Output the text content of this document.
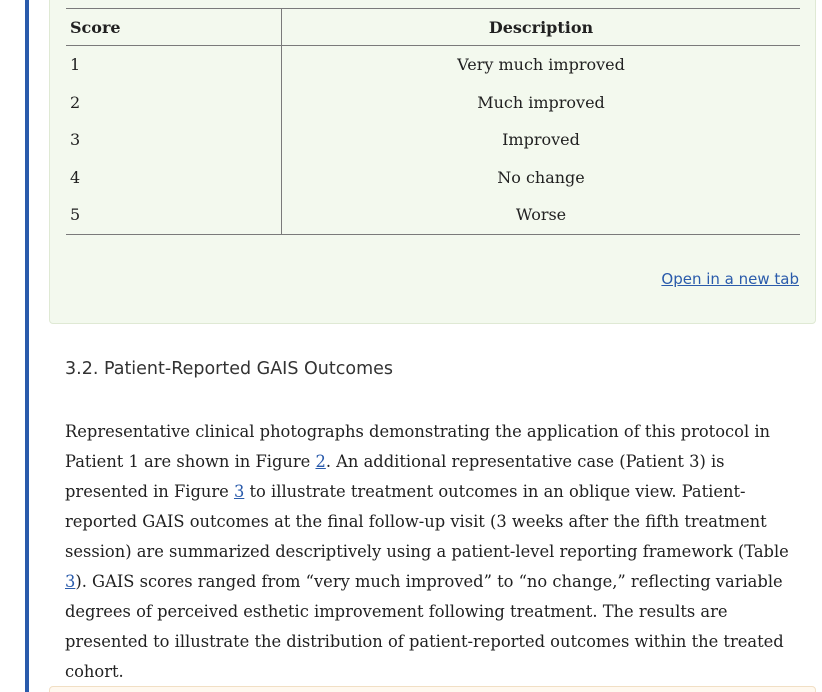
Score	Description
1	Very much improved
2	Much improved
3	Improved
4	No change
5	Worse
Open in a new tab
3.2. Patient-Reported GAIS Outcomes

Representative clinical photographs demonstrating the application of this protocol in Patient 1 are shown in Figure 2. An additional representative case (Patient 3) is presented in Figure 3 to illustrate treatment outcomes in an oblique view. Patient-reported GAIS outcomes at the final follow-up visit (3 weeks after the fifth treatment session) are summarized descriptively using a patient-level reporting framework (Table 3). GAIS scores ranged from “very much improved” to “no change,” reflecting variable degrees of perceived esthetic improvement following treatment. The results are presented to illustrate the distribution of patient-reported outcomes within the treated cohort.
